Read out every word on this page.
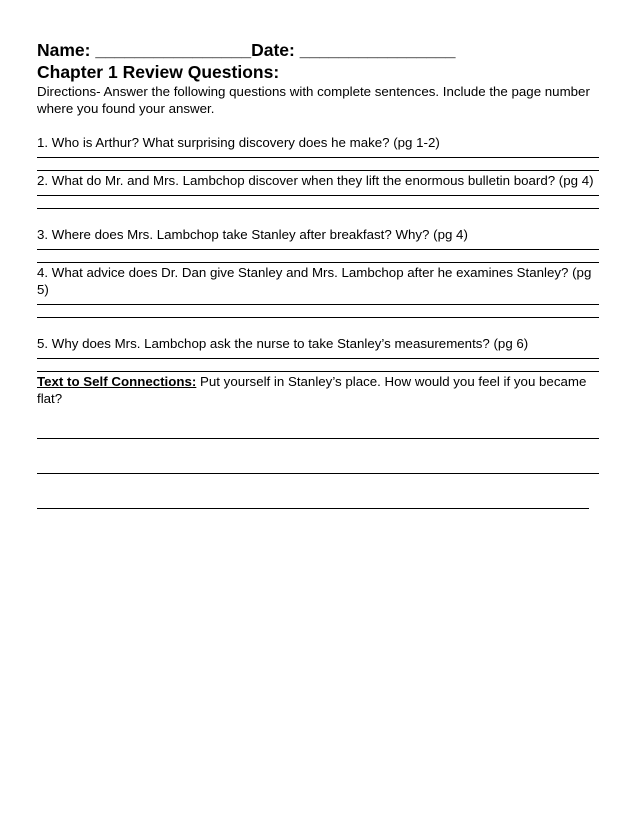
Name: ________________Date: ________________
Chapter 1 Review Questions:

Directions- Answer the following questions with complete sentences. Include the page number where you found your answer.

1. Who is Arthur? What surprising discovery does he make? (pg 1-2)

2. What do Mr. and Mrs. Lambchop discover when they lift the enormous bulletin board? (pg 4)

3. Where does Mrs. Lambchop take Stanley after breakfast? Why? (pg 4)

4. What advice does Dr. Dan give Stanley and Mrs. Lambchop after he examines Stanley? (pg 5)

5. Why does Mrs. Lambchop ask the nurse to take Stanley’s measurements? (pg 6)

Text to Self Connections: Put yourself in Stanley’s place. How would you feel if you became flat?
